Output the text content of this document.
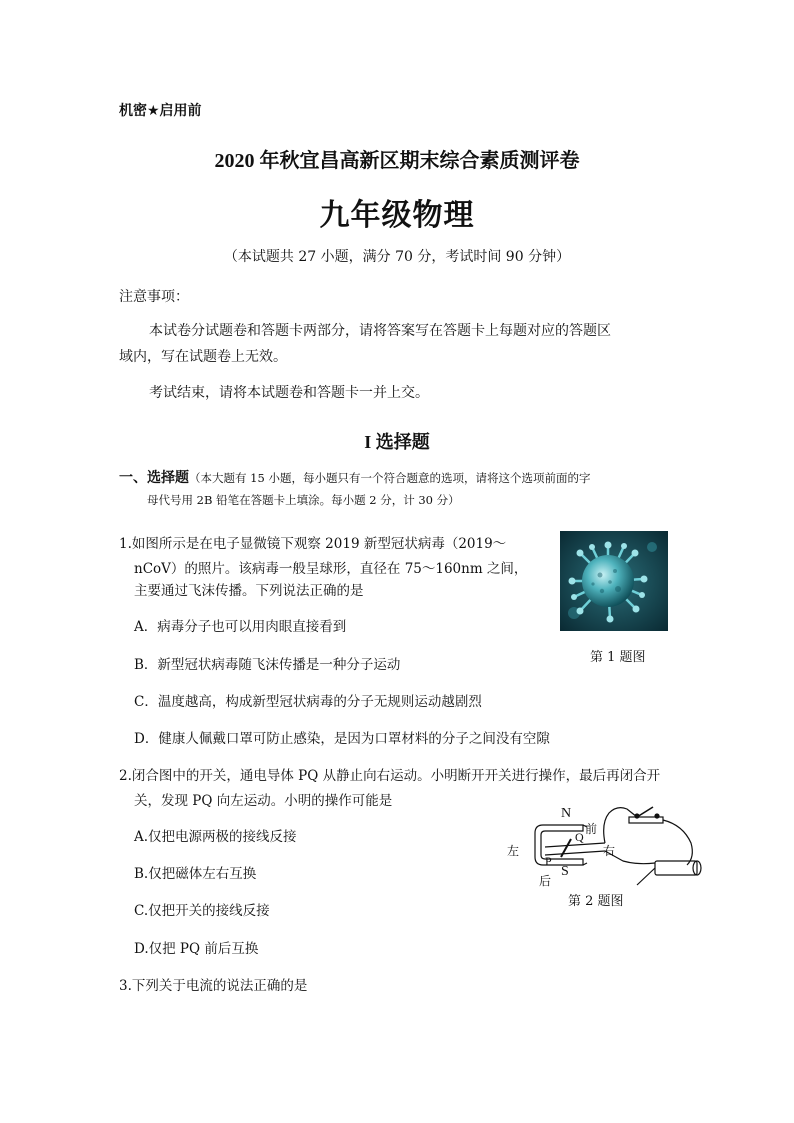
机密★启用前
2020 年秋宜昌高新区期末综合素质测评卷
九年级物理
（本试题共 27 小题，满分 70 分，考试时间 90 分钟）
注意事项：
本试卷分试题卷和答题卡两部分，请将答案写在答题卡上每题对应的答题区
域内，写在试题卷上无效。
考试结束，请将本试题卷和答题卡一并上交。
I 选择题
一、选择题（本大题有 15 小题，每小题只有一个符合题意的选项，请将这个选项前面的字
母代号用 2B 铅笔在答题卡上填涂。每小题 2 分，计 30 分）
1.如图所示是在电子显微镜下观察 2019 新型冠状病毒（2019～
nCoV）的照片。该病毒一般呈球形，直径在 75～160nm 之间，
主要通过飞沫传播。下列说法正确的是
A．病毒分子也可以用肉眼直接看到
B．新型冠状病毒随飞沫传播是一种分子运动
C．温度越高，构成新型冠状病毒的分子无规则运动越剧烈
D．健康人佩戴口罩可防止感染，是因为口罩材料的分子之间没有空隙
第 1 题图
2.闭合图中的开关，通电导体 PQ 从静止向右运动。小明断开开关进行操作，最后再闭合开
关，发现 PQ 向左运动。小明的操作可能是
A.仅把电源两极的接线反接
B.仅把磁体左右互换
C.仅把开关的接线反接
D.仅把 PQ 前后互换
N
S
P
Q
左	右
前
后
第 2 题图
3.下列关于电流的说法正确的是
